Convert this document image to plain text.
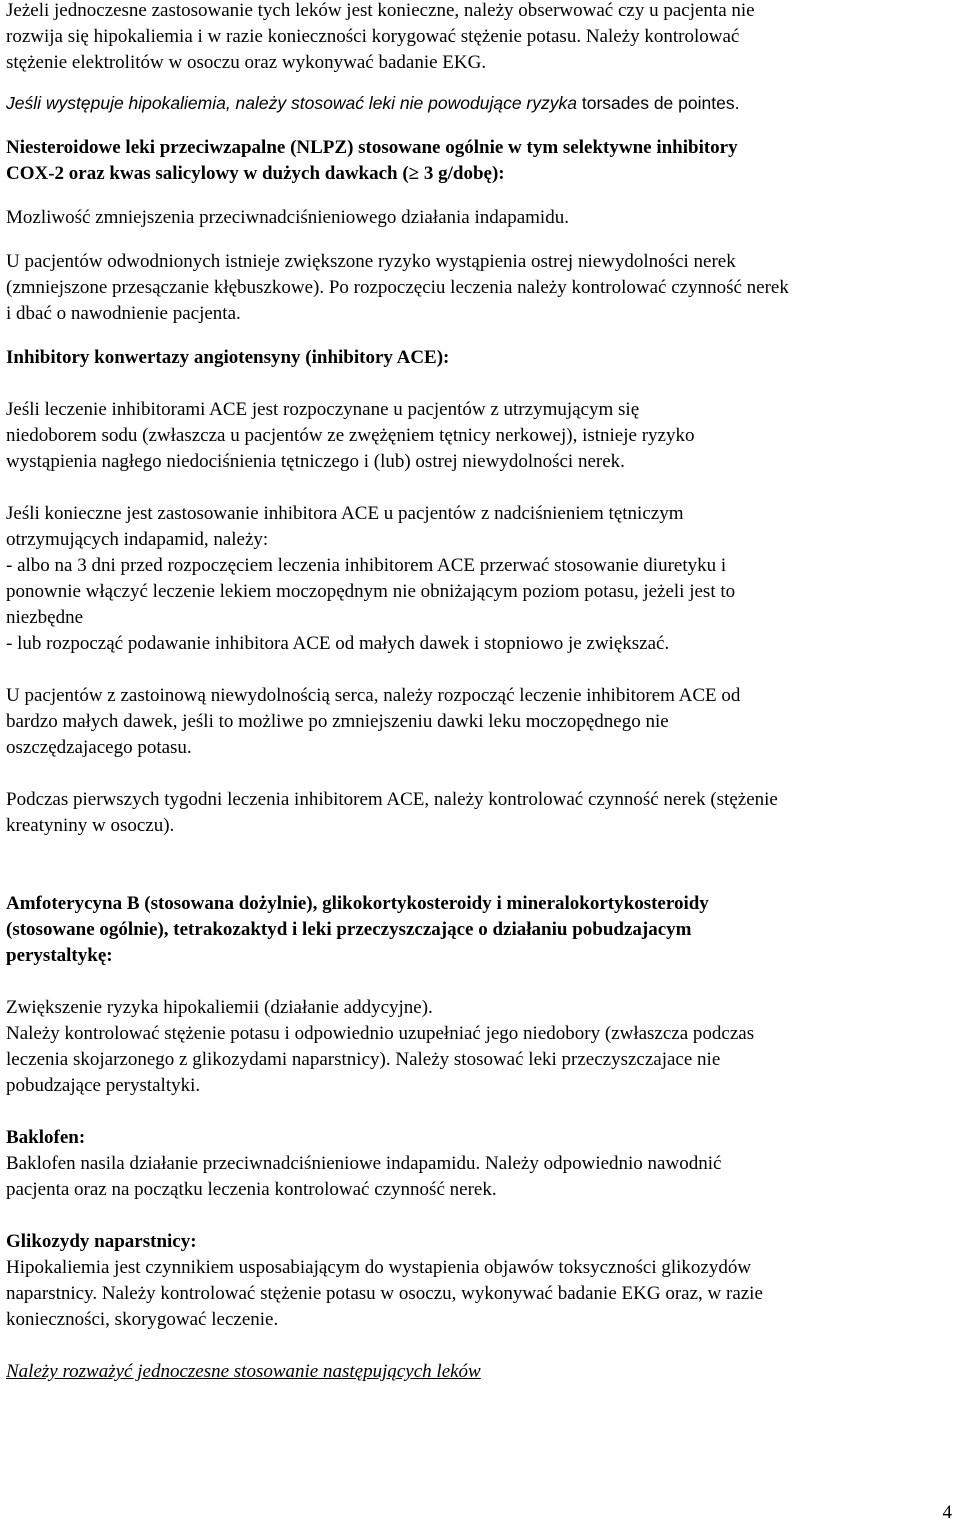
Jeżeli jednoczesne zastosowanie tych leków jest konieczne, należy obserwować czy u pacjenta nie
rozwija się hipokaliemia i w razie konieczności korygować stężenie potasu. Należy kontrolować
stężenie elektrolitów w osoczu oraz wykonywać badanie EKG.

Jeśli występuje hipokaliemia, należy stosować leki nie powodujące ryzyka torsades de pointes.

Niesteroidowe leki przeciwzapalne (NLPZ) stosowane ogólnie w tym selektywne inhibitory
COX-2 oraz kwas salicylowy w dużych dawkach (≥ 3 g/dobę):

Mozliwość zmniejszenia przeciwnadciśnieniowego działania indapamidu.

U pacjentów odwodnionych istnieje zwiększone ryzyko wystąpienia ostrej niewydolności nerek
(zmniejszone przesączanie kłębuszkowe). Po rozpoczęciu leczenia należy kontrolować czynność nerek
i dbać o nawodnienie pacjenta.

Inhibitory konwertazy angiotensyny (inhibitory ACE):

Jeśli leczenie inhibitorami ACE jest rozpoczynane u pacjentów z utrzymującym się
niedoborem sodu (zwłaszcza u pacjentów ze zwężęniem tętnicy nerkowej), istnieje ryzyko
wystąpienia nagłego niedociśnienia tętniczego i (lub) ostrej niewydolności nerek.

Jeśli konieczne jest zastosowanie inhibitora ACE u pacjentów z nadciśnieniem tętniczym
otrzymujących indapamid, należy:
- albo na 3 dni przed rozpoczęciem leczenia inhibitorem ACE przerwać stosowanie diuretyku i
ponownie włączyć leczenie lekiem moczopędnym nie obniżającym poziom potasu, jeżeli jest to
niezbędne
- lub rozpocząć podawanie inhibitora ACE od małych dawek i stopniowo je zwiększać.

U pacjentów z zastoinową niewydolnością serca, należy rozpocząć leczenie inhibitorem ACE od
bardzo małych dawek, jeśli to możliwe po zmniejszeniu dawki leku moczopędnego nie
oszczędzajacego potasu.

Podczas pierwszych tygodni leczenia inhibitorem ACE, należy kontrolować czynność nerek (stężenie
kreatyniny w osoczu).

Amfoterycyna B (stosowana dożylnie), glikokortykosteroidy i mineralokortykosteroidy
(stosowane ogólnie), tetrakozaktyd i leki przeczyszczające o działaniu pobudzajacym
perystaltykę:

Zwiększenie ryzyka hipokaliemii (działanie addycyjne).
Należy kontrolować stężenie potasu i odpowiednio uzupełniać jego niedobory (zwłaszcza podczas
leczenia skojarzonego z glikozydami naparstnicy). Należy stosować leki przeczyszczajace nie
pobudzające perystaltyki.

Baklofen:

Baklofen nasila działanie przeciwnadciśnieniowe indapamidu. Należy odpowiednio nawodnić
pacjenta oraz na początku leczenia kontrolować czynność nerek.

Glikozydy naparstnicy:

Hipokaliemia jest czynnikiem usposabiającym do wystapienia objawów toksyczności glikozydów
naparstnicy. Należy kontrolować stężenie potasu w osoczu, wykonywać badanie EKG oraz, w razie
konieczności, skorygować leczenie.

Należy rozważyć jednoczesne stosowanie następujących leków

4
